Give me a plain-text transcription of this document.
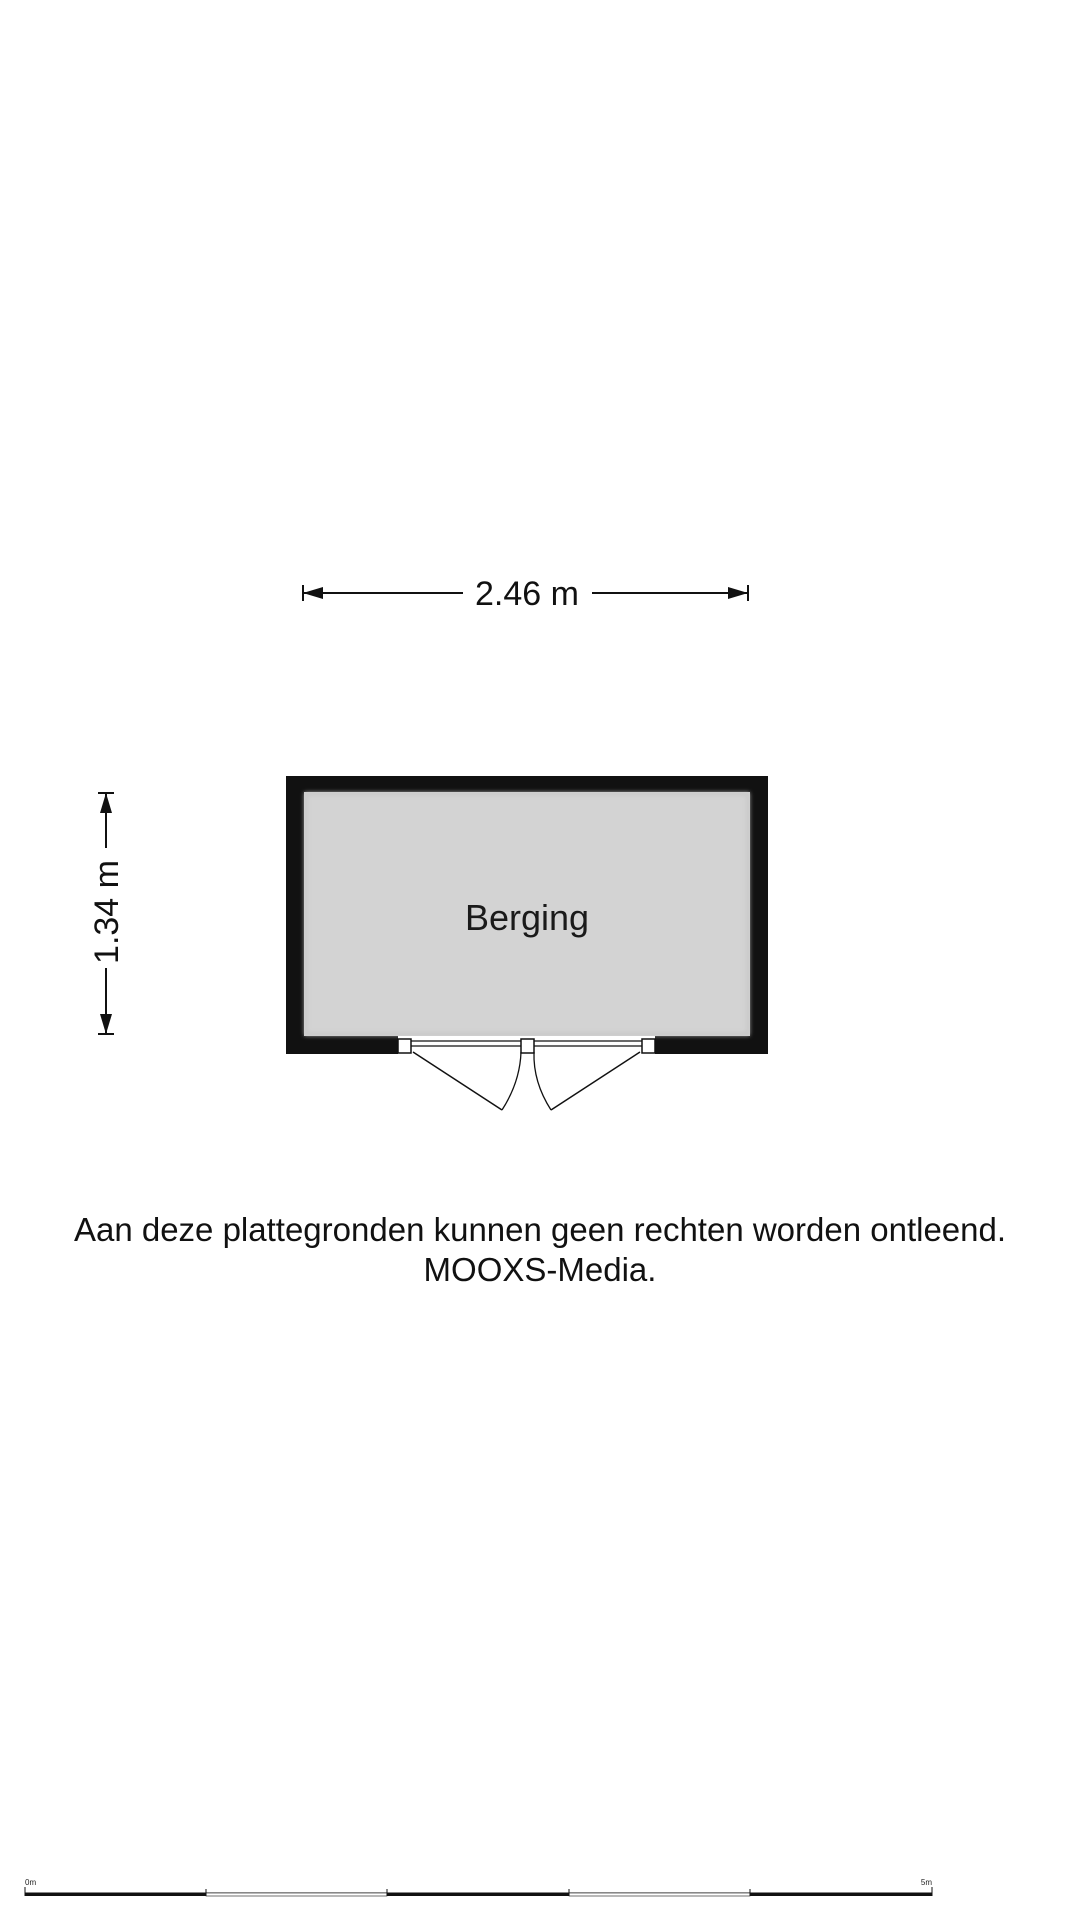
2.46 m
1.34 m	Berging
0m	5m
Aan deze plattegronden kunnen geen rechten worden ontleend.
MOOXS-Media.
